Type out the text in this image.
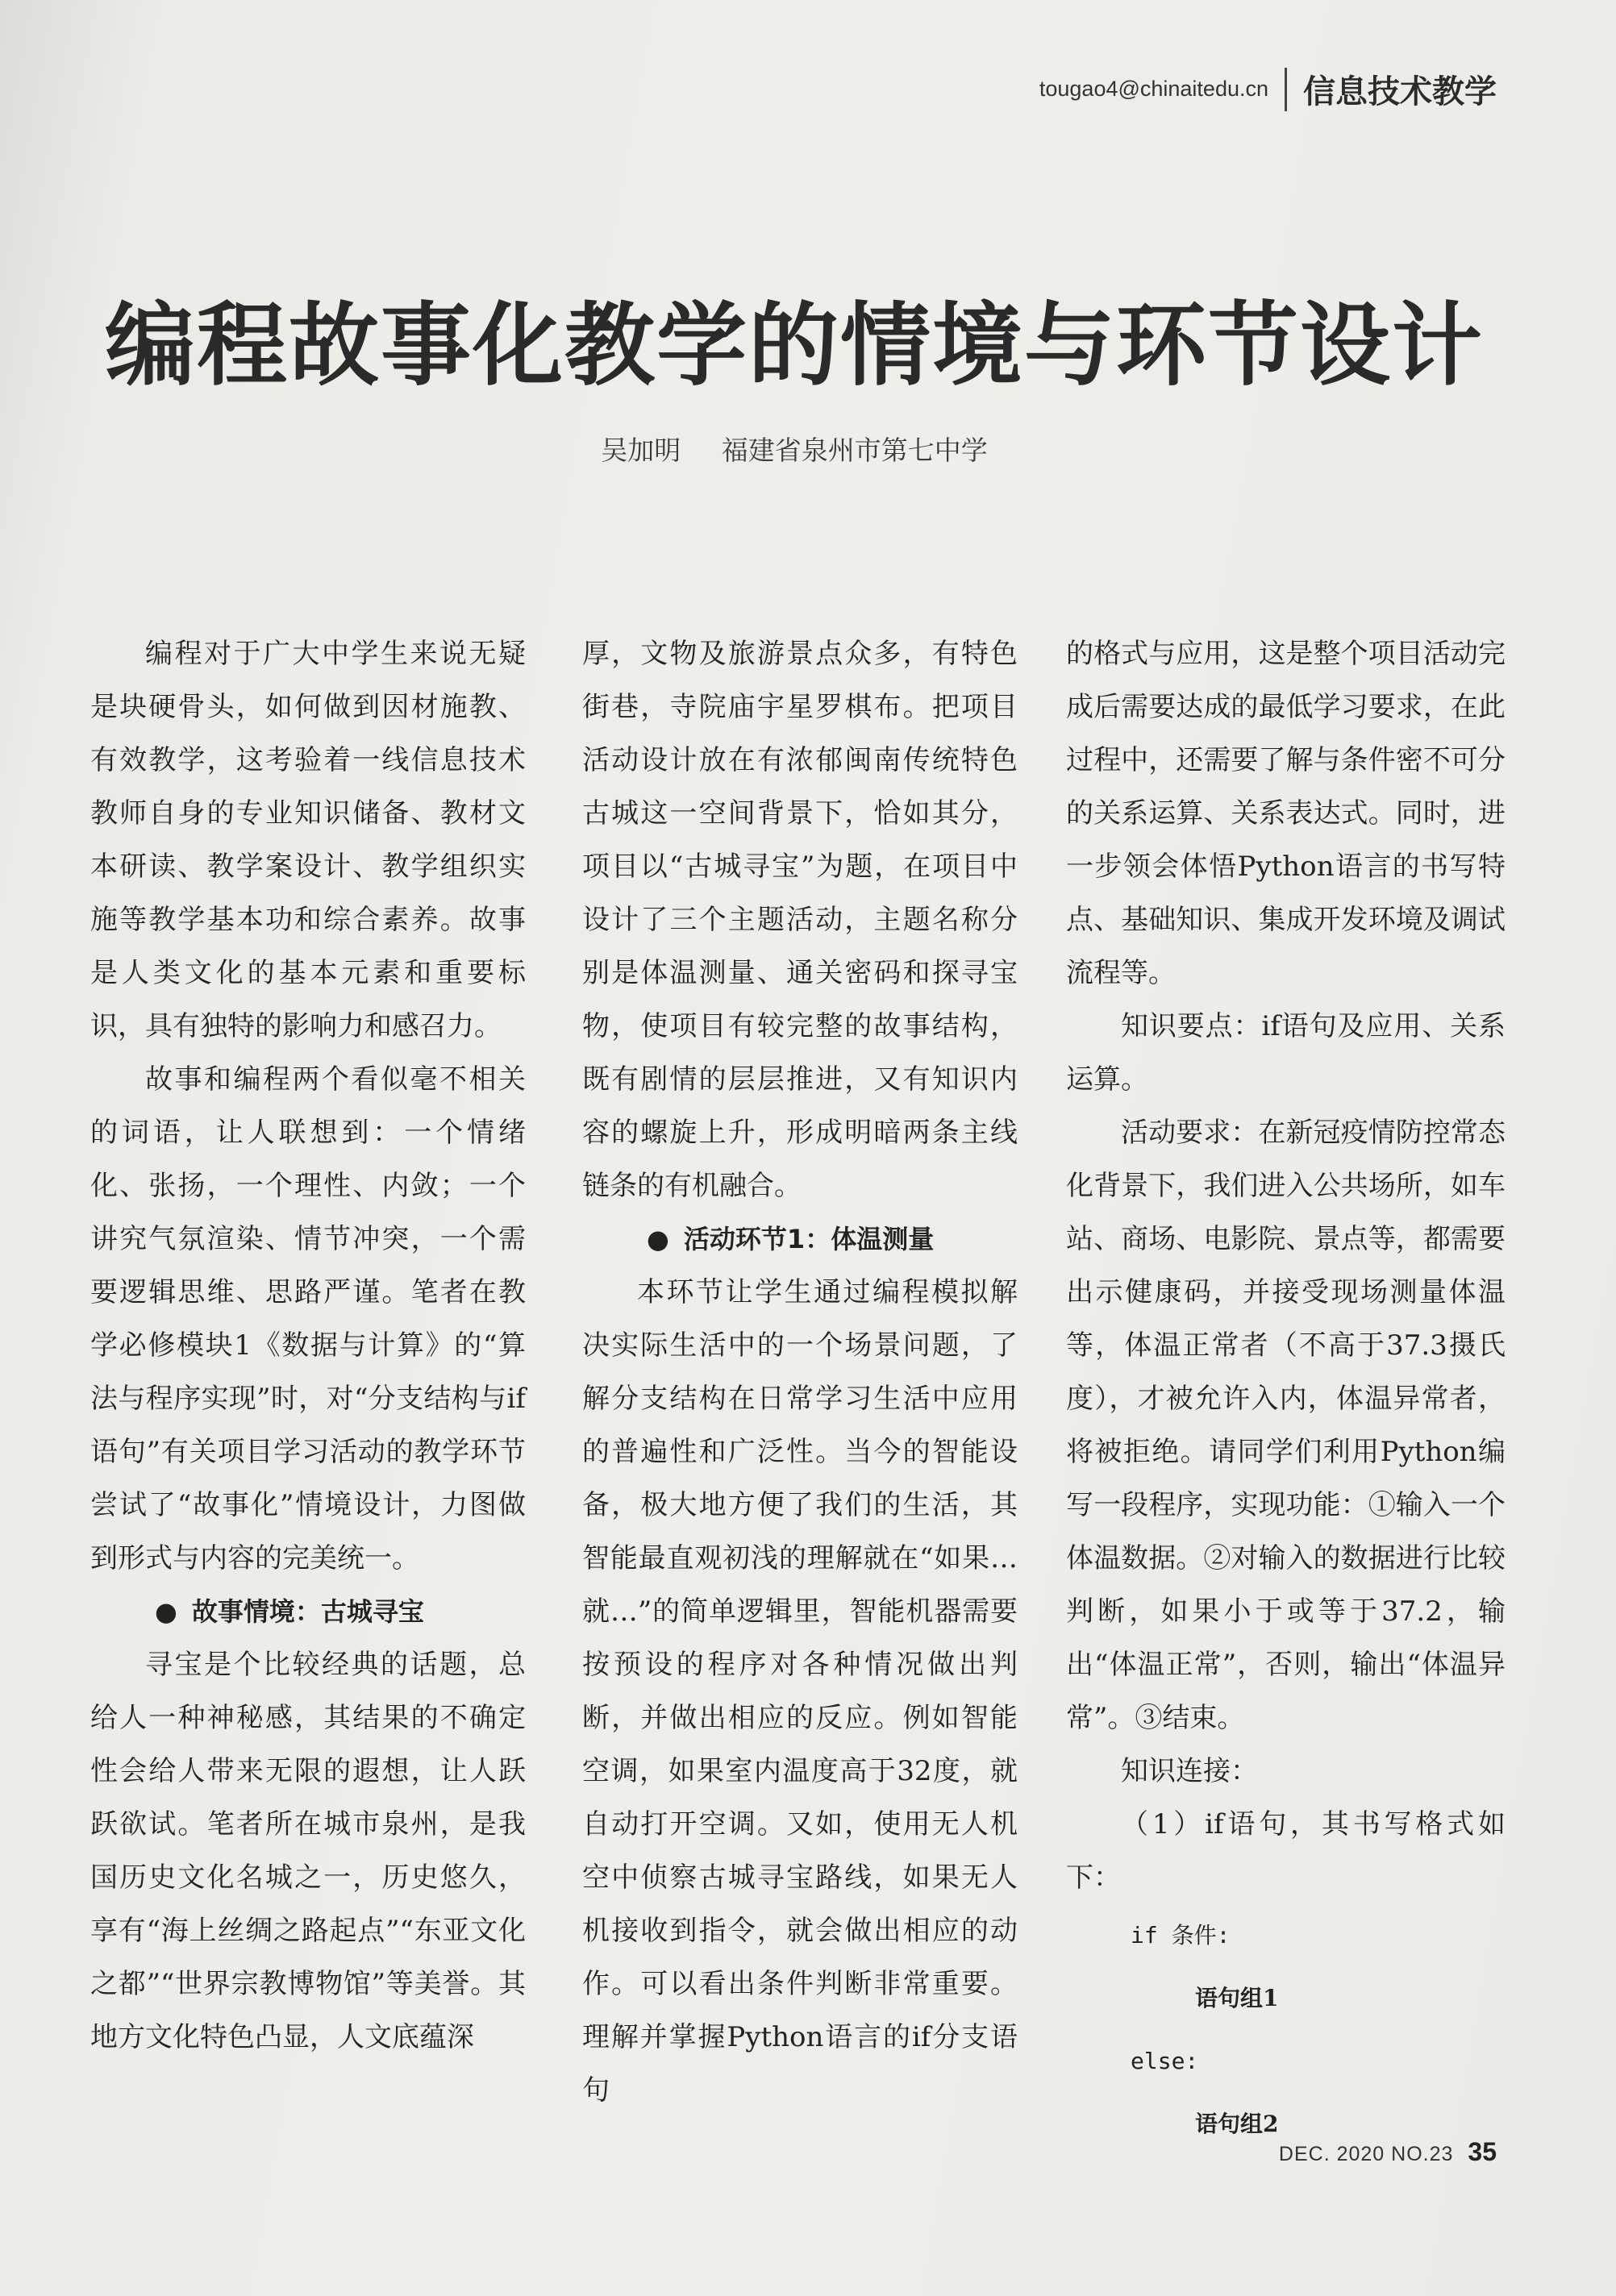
tougao4@chinaitedu.cn 信息技术教学
编程故事化教学的情境与环节设计
吴加明 福建省泉州市第七中学

编程对于广大中学生来说无疑是块硬骨头，如何做到因材施教、有效教学，这考验着一线信息技术教师自身的专业知识储备、教材文本研读、教学案设计、教学组织实施等教学基本功和综合素养。故事是人类文化的基本元素和重要标识，具有独特的影响力和感召力。

故事和编程两个看似毫不相关的词语，让人联想到：一个情绪化、张扬，一个理性、内敛；一个讲究气氛渲染、情节冲突，一个需要逻辑思维、思路严谨。笔者在教学必修模块1《数据与计算》的“算法与程序实现”时，对“分支结构与if语句”有关项目学习活动的教学环节尝试了“故事化”情境设计，力图做到形式与内容的完美统一。

● 故事情境：古城寻宝

寻宝是个比较经典的话题，总给人一种神秘感，其结果的不确定性会给人带来无限的遐想，让人跃跃欲试。笔者所在城市泉州，是我国历史文化名城之一，历史悠久，享有“海上丝绸之路起点”“东亚文化之都”“世界宗教博物馆”等美誉。其地方文化特色凸显，人文底蕴深

厚，文物及旅游景点众多，有特色街巷，寺院庙宇星罗棋布。把项目活动设计放在有浓郁闽南传统特色古城这一空间背景下，恰如其分，项目以“古城寻宝”为题，在项目中设计了三个主题活动，主题名称分别是体温测量、通关密码和探寻宝物，使项目有较完整的故事结构，既有剧情的层层推进，又有知识内容的螺旋上升，形成明暗两条主线链条的有机融合。

● 活动环节1：体温测量

本环节让学生通过编程模拟解决实际生活中的一个场景问题，了解分支结构在日常学习生活中应用的普遍性和广泛性。当今的智能设备，极大地方便了我们的生活，其智能最直观初浅的理解就在“如果…就…”的简单逻辑里，智能机器需要按预设的程序对各种情况做出判断，并做出相应的反应。例如智能空调，如果室内温度高于32度，就自动打开空调。又如，使用无人机空中侦察古城寻宝路线，如果无人机接收到指令，就会做出相应的动作。可以看出条件判断非常重要。理解并掌握Python语言的if分支语句

的格式与应用，这是整个项目活动完成后需要达成的最低学习要求，在此过程中，还需要了解与条件密不可分的关系运算、关系表达式。同时，进一步领会体悟Python语言的书写特点、基础知识、集成开发环境及调试流程等。

知识要点：if语句及应用、关系运算。

活动要求：在新冠疫情防控常态化背景下，我们进入公共场所，如车站、商场、电影院、景点等，都需要出示健康码，并接受现场测量体温等，体温正常者（不高于37.3摄氏度），才被允许入内，体温异常者，将被拒绝。请同学们利用Python编写一段程序，实现功能：①输入一个体温数据。②对输入的数据进行比较判断，如果小于或等于37.2，输出“体温正常”，否则，输出“体温异常”。③结束。

知识连接：

（1）if语句，其书写格式如下：

if 条件:
语句组1
else:
语句组2
DEC. 2020 NO.23 35
